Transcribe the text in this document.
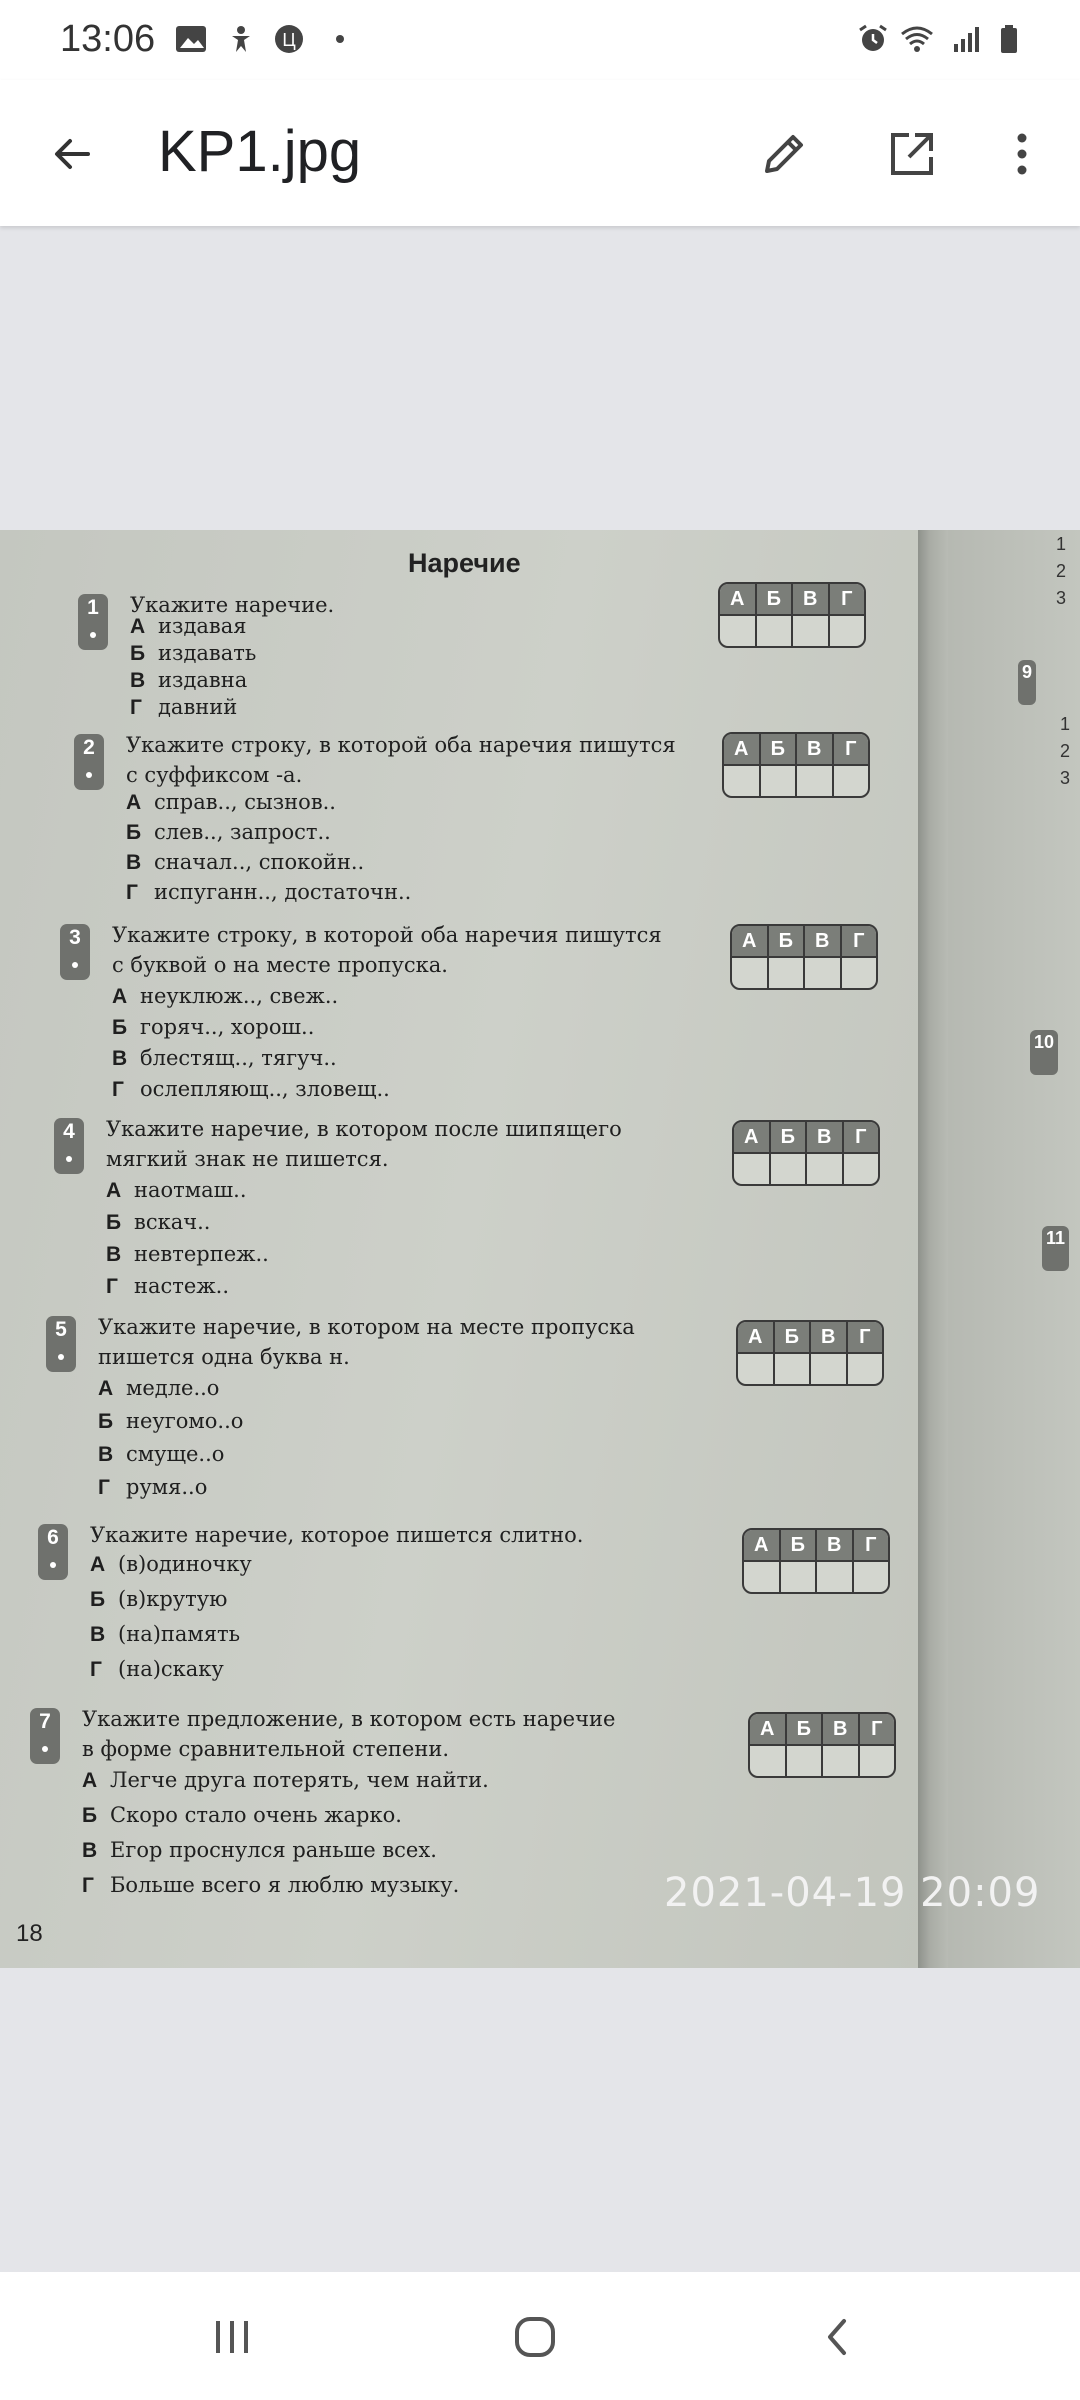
13:06	Ц
KP1.jpg
Наречие
18
1	Укажите наречие.
А издавая
Б издавать
В издавна
Г давний
А	Б	В	Г
2	Укажите строку, в которой оба наречия пишутся
с суффиксом -а.
А справ.., сызнов..
Б слев.., запрост..
В сначал.., спокойн..
Г испуганн.., достаточн..
А	Б	В	Г
3	Укажите строку, в которой оба наречия пишутся
с буквой о на месте пропуска.
А неуклюж.., свеж..
Б горяч.., хорош..
В блестящ.., тягуч..
Г ослепляющ.., зловещ..
А	Б	В	Г
4	Укажите наречие, в котором после шипящего
мягкий знак не пишется.
А наотмаш..
Б вскач..
В невтерпеж..
Г настеж..
А	Б	В	Г
5	Укажите наречие, в котором на месте пропуска
пишется одна буква н.
А медле..о
Б неугомо..о
В смуще..о
Г румя..о
А	Б	В	Г
6	Укажите наречие, которое пишется слитно.
А (в)одиночку
Б (в)крутую
В (на)память
Г (на)скаку
А	Б	В	Г
7	Укажите предложение, в котором есть наречие
в форме сравнительной степени.
А Легче друга потерять, чем найти.
Б Скоро стало очень жарко.
В Егор проснулся раньше всех.
Г Больше всего я люблю музыку.
А	Б	В	Г
1
2
3
9
1
2
3
10
11
2021-04-19 20:09
